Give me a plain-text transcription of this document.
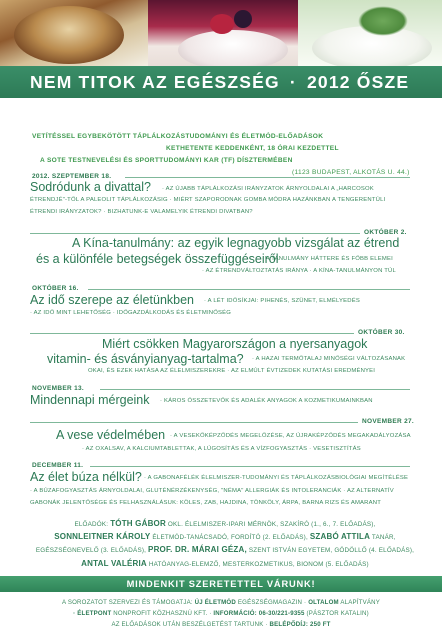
NEM TITOK AZ EGÉSZSÉG · 2012 ŐSZE
VETÍTÉSSEL EGYBEKÖTÖTT TÁPLÁLKOZÁSTUDOMÁNYI ÉS ÉLETMÓD-ELŐADÁSOK
KETHETENTE KEDDENKÉNT, 18 ÓRAI KEZDETTEL
A SOTE TESTNEVELÉSI ÉS SPORTTUDOMÁNYI KAR (TF) DÍSZTERMÉBEN
(1123 BUDAPEST, ALKOTÁS U. 44.)
2012. SZEPTEMBER 18.
Sodródunk a divattal? · AZ ÚJABB TÁPLÁLKOZÁSI IRÁNYZATOK ÁRNYOLDALAI A „HARCOSOK
ÉTRENDJÉ"-TŐL A PALEOLIT TÁPLÁLKOZÁSIG · MIÉRT SZAPORODNAK GOMBA MÓDRA HAZÁNKBAN A TENGERENTÚLI
ÉTRENDI IRÁNYZATOK? · BIZHATUNK-E VALAMELYIK ÉTRENDI DIVATBAN?
OKTÓBER 2.
A Kína-tanulmány: az egyik legnagyobb vizsgálat az étrend
és a különféle betegségek összefüggéseiről
· A TANULMÁNY HÁTTERE ÉS FŐBB ELEMEI
· AZ ÉTRENDVÁLTOZTATÁS IRÁNYA · A KÍNA-TANULMÁNYON TÚL
OKTÓBER 16.
Az idő szerepe az életünkben · A LÉT IDŐSÍKJAI: PIHENÉS, SZÜNET, ELMÉLYEDÉS
· AZ IDŐ MINT LEHETŐSÉG · IDŐGAZDÁLKODÁS ÉS ÉLETMINŐSÉG
OKTÓBER 30.
Miért csökken Magyarországon a nyersanyagok
vitamin- és ásványianyag-tartalma? · A HAZAI TERMŐTALAJ MINŐSÉGI VÁLTOZÁSANAK
OKAI, ÉS EZEK HATÁSA AZ ÉLELMISZEREKRE · AZ ELMÚLT ÉVTIZEDEK KUTATÁSI EREDMÉNYEI
NOVEMBER 13.
Mindennapi mérgeink · KÁROS ÖSSZETEVŐK ÉS ADALÉK ANYAGOK A KOZMETIKUMAINKBAN
NOVEMBER 27.
A vese védelmében · A VESEKŐKÉPZŐDÉS MEGELŐZÉSE, AZ ÚJRAKÉPZŐDÉS MEGAKADÁLYOZÁSA
· AZ OXALSAV, A KALCIUMTABLETTAK, A LÚGOSÍTÁS ÉS A VÍZFOGYASZTÁS · VESETISZTÍTÁS
DECEMBER 11.
Az élet búza nélkül? · A GABONAFÉLÉK ÉLELMISZER-TUDOMÁNYI ÉS TÁPLÁLKOZÁSBIOLÓGIAI MEGÍTÉLÉSE
· A BÚZAFOGYASZTÁS ÁRNYOLDALAI, GLUTÉNÉRZÉKENYSÉG, "NÉMA" ALLERGIÁK ÉS INTOLERANCIÁK · AZ ALTERNATÍV
GABONÁK JELENTŐSÉGE ÉS FELHASZNÁLÁSUK: KÖLES, ZAB, HAJDINA, TÖNKÖLY, ÁRPA, BARNA RIZS ÉS AMARANT
ELŐADÓK: TÓTH GÁBOR OKL. ÉLELMISZER-IPARI MÉRNÖK, SZAKÍRÓ (1., 6., 7. ELŐADÁS),
SONNLEITNER KÁROLY ÉLETMÓD-TANÁCSADÓ, FORDÍTÓ (2. ELŐADÁS), SZABÓ ATTILA TANÁR,
EGÉSZSÉGNEVELŐ (3. ELŐADÁS), PROF. DR. MÁRAI GÉZA, SZENT ISTVÁN EGYETEM, GÖDÖLLŐ (4. ELŐADÁS),
ANTAL VALÉRIA HATÓANYAG-ELEMZŐ, MESTERKOZMETIKUS, BIONOM (5. ELŐADÁS)
MINDENKIT SZERETETTEL VÁRUNK!
A SOROZATOT SZERVEZI ÉS TÁMOGATJA: ÚJ ÉLETMÓD EGÉSZSÉGMAGAZIN · OLTALOM ALAPÍTVÁNY
· ÉLETPONT NONPROFIT KÖZHASZNÚ KFT. · INFORMÁCIÓ: 06-30/221-9355 (PÁSZTOR KATALIN)
AZ ELŐADÁSOK UTÁN BESZÉLGETÉST TARTUNK · BELÉPŐDÍJ: 250 FT
